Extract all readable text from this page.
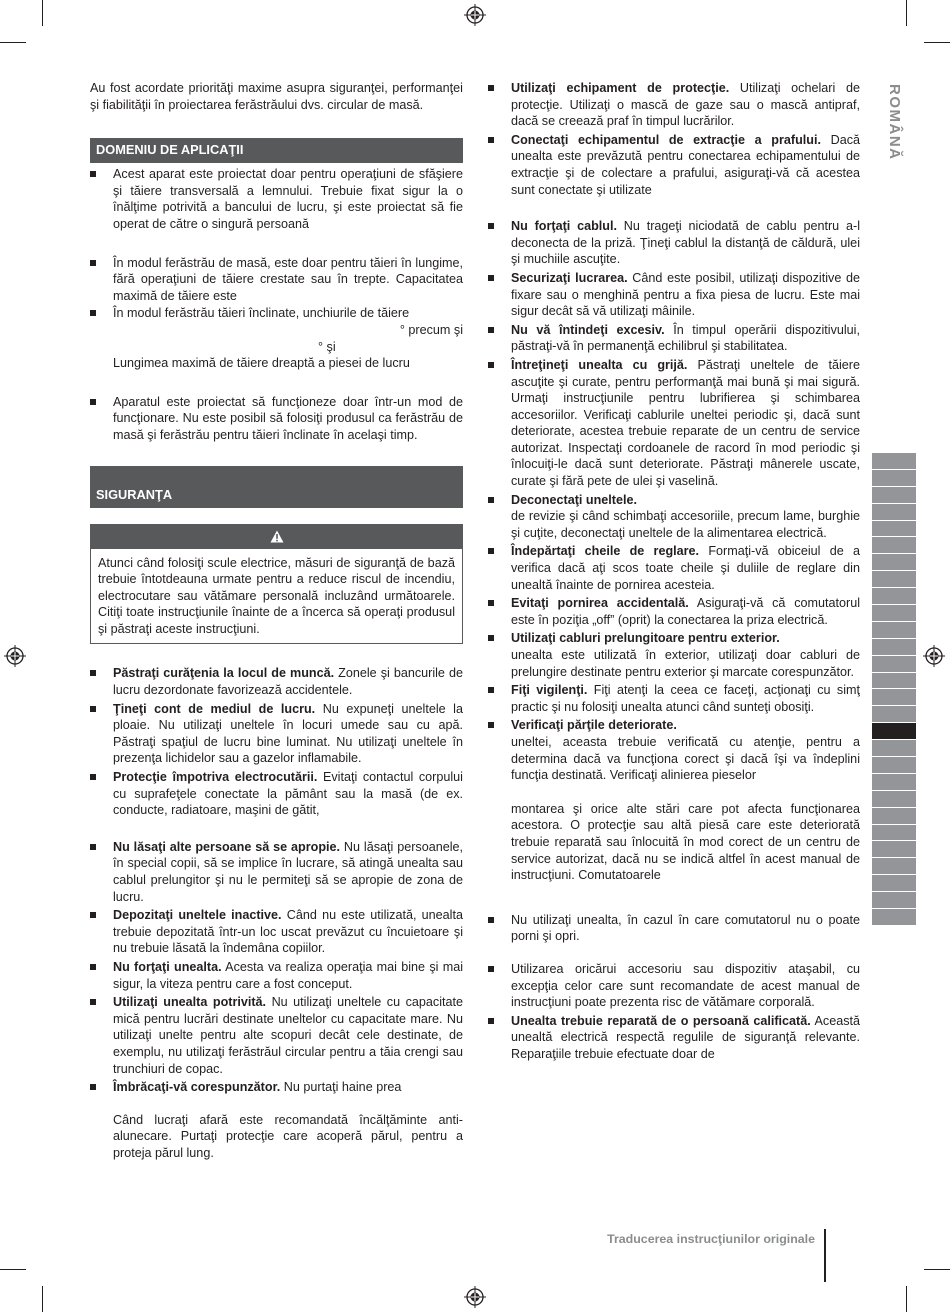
ROMÂNĂ

Au fost acordate priorităţi maxime asupra siguranţei, performanţei şi fiabilităţii în proiectarea ferăstrăului dvs. circular de masă.

DOMENIU DE APLICAŢII
Acest aparat este proiectat doar pentru operaţiuni de sfăşiere şi tăiere transversală a lemnului. Trebuie fixat sigur la o înălţime potrivită a bancului de lucru, şi este proiectat să fie operat de către o singură persoană
În modul ferăstrău de masă, este doar pentru tăieri în lungime, fără operaţiuni de tăiere crestate sau în trepte. Capacitatea maximă de tăiere este
În modul ferăstrău tăieri înclinate, unchiurile de tăiere
° precum şi
° şi
Lungimea maximă de tăiere dreaptă a piesei de lucru
Aparatul este proiectat să funcţioneze doar într-un mod de funcţionare. Nu este posibil să folosiţi produsul ca ferăstrău de masă şi ferăstrău pentru tăieri înclinate în acelaşi timp.
SIGURANŢA
Atunci când folosiţi scule electrice, măsuri de siguranţă de bază trebuie întotdeauna urmate pentru a reduce riscul de incendiu, electrocutare sau vătămare personală incluzând următoarele. Citiţi toate instrucţiunile înainte de a încerca să operaţi produsul şi păstraţi aceste instrucţiuni.
Păstraţi curăţenia la locul de muncă. Zonele şi bancurile de lucru dezordonate favorizează accidentele.
Ţineţi cont de mediul de lucru. Nu expuneţi uneltele la ploaie. Nu utilizaţi uneltele în locuri umede sau cu apă. Păstraţi spaţiul de lucru bine luminat. Nu utilizaţi uneltele în prezenţa lichidelor sau a gazelor inflamabile.
Protecţie împotriva electrocutării. Evitaţi contactul corpului cu suprafeţele conectate la pământ sau la masă (de ex. conducte, radiatoare, maşini de gătit,
Nu lăsaţi alte persoane să se apropie. Nu lăsaţi persoanele, în special copii, să se implice în lucrare, să atingă unealta sau cablul prelungitor şi nu le permiteţi să se apropie de zona de lucru.
Depozitaţi uneltele inactive. Când nu este utilizată, unealta trebuie depozitată într-un loc uscat prevăzut cu încuietoare şi nu trebuie lăsată la îndemâna copiilor.
Nu forţaţi unealta. Acesta va realiza operaţia mai bine şi mai sigur, la viteza pentru care a fost conceput.
Utilizaţi unealta potrivită. Nu utilizaţi uneltele cu capacitate mică pentru lucrări destinate uneltelor cu capacitate mare. Nu utilizaţi unelte pentru alte scopuri decât cele destinate, de exemplu, nu utilizaţi ferăstrăul circular pentru a tăia crengi sau trunchiuri de copac.
Îmbrăcaţi-vă corespunzător. Nu purtaţi haine prea
Când lucraţi afară este recomandată încălţăminte anti-alunecare. Purtaţi protecţie care acoperă părul, pentru a proteja părul lung.
Utilizaţi echipament de protecţie. Utilizaţi ochelari de protecţie. Utilizaţi o mască de gaze sau o mască antipraf, dacă se creează praf în timpul lucrărilor.
Conectaţi echipamentul de extracţie a prafului. Dacă unealta este prevăzută pentru conectarea echipamentului de extracţie şi de colectare a prafului, asiguraţi-vă că acestea sunt conectate şi utilizate
Nu forţaţi cablul. Nu trageţi niciodată de cablu pentru a-l deconecta de la priză. Ţineţi cablul la distanţă de căldură, ulei şi muchiile ascuţite.
Securizaţi lucrarea. Când este posibil, utilizaţi dispozitive de fixare sau o menghină pentru a fixa piesa de lucru. Este mai sigur decât să vă utilizaţi mâinile.
Nu vă întindeţi excesiv. În timpul operării dispozitivului, păstraţi-vă în permanenţă echilibrul şi stabilitatea.
Întreţineţi unealta cu grijă. Păstraţi uneltele de tăiere ascuţite şi curate, pentru performanţă mai bună şi mai sigură. Urmaţi instrucţiunile pentru lubrifierea şi schimbarea accesoriilor. Verificaţi cablurile uneltei periodic şi, dacă sunt deteriorate, acestea trebuie reparate de un centru de service autorizat. Inspectaţi cordoanele de racord în mod periodic şi înlocuiţi-le dacă sunt deteriorate. Păstraţi mânerele uscate, curate şi fără pete de ulei şi vaselină.
Deconectaţi uneltele.
de revizie şi când schimbaţi accesoriile, precum lame, burghie şi cuţite, deconectaţi uneltele de la alimentarea electrică.
Îndepărtaţi cheile de reglare. Formaţi-vă obiceiul de a verifica dacă aţi scos toate cheile şi duliile de reglare din unealtă înainte de pornirea acesteia.
Evitaţi pornirea accidentală. Asiguraţi-vă că comutatorul este în poziţia „off” (oprit) la conectarea la priza electrică.
Utilizaţi cabluri prelungitoare pentru exterior.
unealta este utilizată în exterior, utilizaţi doar cabluri de prelungire destinate pentru exterior şi marcate corespunzător.
Fiţi vigilenţi. Fiţi atenţi la ceea ce faceţi, acţionaţi cu simţ practic şi nu folosiţi unealta atunci când sunteţi obosiţi.
Verificaţi părţile deteriorate.
uneltei, aceasta trebuie verificată cu atenţie, pentru a determina dacă va funcţiona corect şi dacă îşi va îndeplini funcţia destinată. Verificaţi alinierea pieselor
montarea şi orice alte stări care pot afecta funcţionarea acestora. O protecţie sau altă piesă care este deteriorată trebuie reparată sau înlocuită în mod corect de un centru de service autorizat, dacă nu se indică altfel în acest manual de instrucţiuni. Comutatoarele
Nu utilizaţi unealta, în cazul în care comutatorul nu o poate porni şi opri.
Utilizarea oricărui accesoriu sau dispozitiv ataşabil, cu excepţia celor care sunt recomandate de acest manual de instrucţiuni poate prezenta risc de vătămare corporală.
Unealta trebuie reparată de o persoană calificată. Această unealtă electrică respectă regulile de siguranţă relevante. Reparaţiile trebuie efectuate doar de
Traducerea instrucţiunilor originale
